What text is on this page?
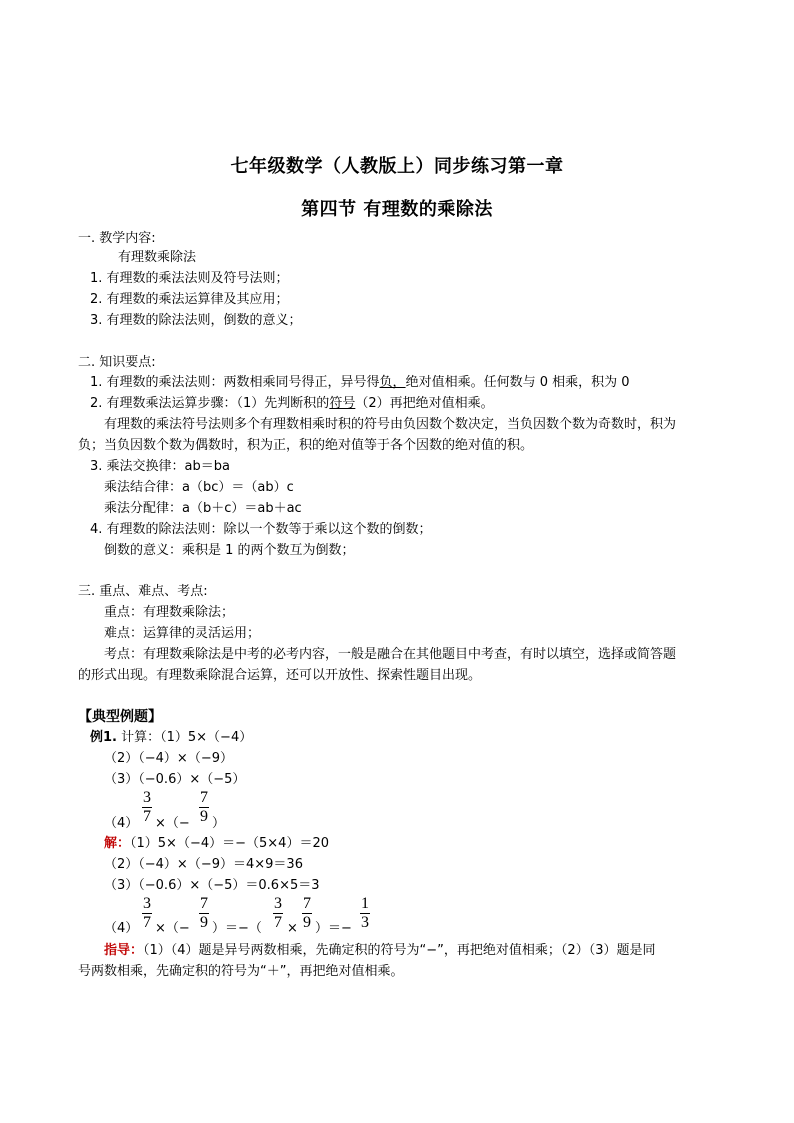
七年级数学（人教版上）同步练习第一章
第四节 有理数的乘除法
一. 教学内容:
有理数乘除法
1. 有理数的乘法法则及符号法则；
2. 有理数的乘法运算律及其应用；
3. 有理数的除法法则，倒数的意义；
二. 知识要点:
1. 有理数的乘法法则：两数相乘同号得正，异号得负，绝对值相乘。任何数与 0 相乘，积为 0
2. 有理数乘法运算步骤：（1）先判断积的符号（2）再把绝对值相乘。
有理数的乘法符号法则多个有理数相乘时积的符号由负因数个数决定，当负因数个数为奇数时，积为
负；当负因数个数为偶数时，积为正，积的绝对值等于各个因数的绝对值的积。
3. 乘法交换律：ab＝ba
乘法结合律：a（bc）＝（ab）c
乘法分配律：a（b＋c）＝ab＋ac
4. 有理数的除法法则：除以一个数等于乘以这个数的倒数；
倒数的意义：乘积是 1 的两个数互为倒数；
三. 重点、难点、考点:
重点：有理数乘除法；
难点：运算律的灵活运用；
考点：有理数乘除法是中考的必考内容，一般是融合在其他题目中考查，有时以填空，选择或简答题
的形式出现。有理数乘除混合运算，还可以开放性、探索性题目出现。
【典型例题】
例1. 计算：（1）5×（−4）
（2）（−4）×（−9）
（3）（−0.6）×（−5）
（4）
3
7 ×（−
7
9 ）
解：（1）5×（−4）＝−（5×4）＝20
（2）（−4）×（−9）＝4×9＝36
（3）（−0.6）×（−5）＝0.6×5＝3
（4）
3
7 ×（−
7
9 ）＝−（
3
7 ×
7
9 ）＝−
1
3
指导：（1）（4）题是异号两数相乘，先确定积的符号为“−”，再把绝对值相乘；（2）（3）题是同
号两数相乘，先确定积的符号为“＋”，再把绝对值相乘。
